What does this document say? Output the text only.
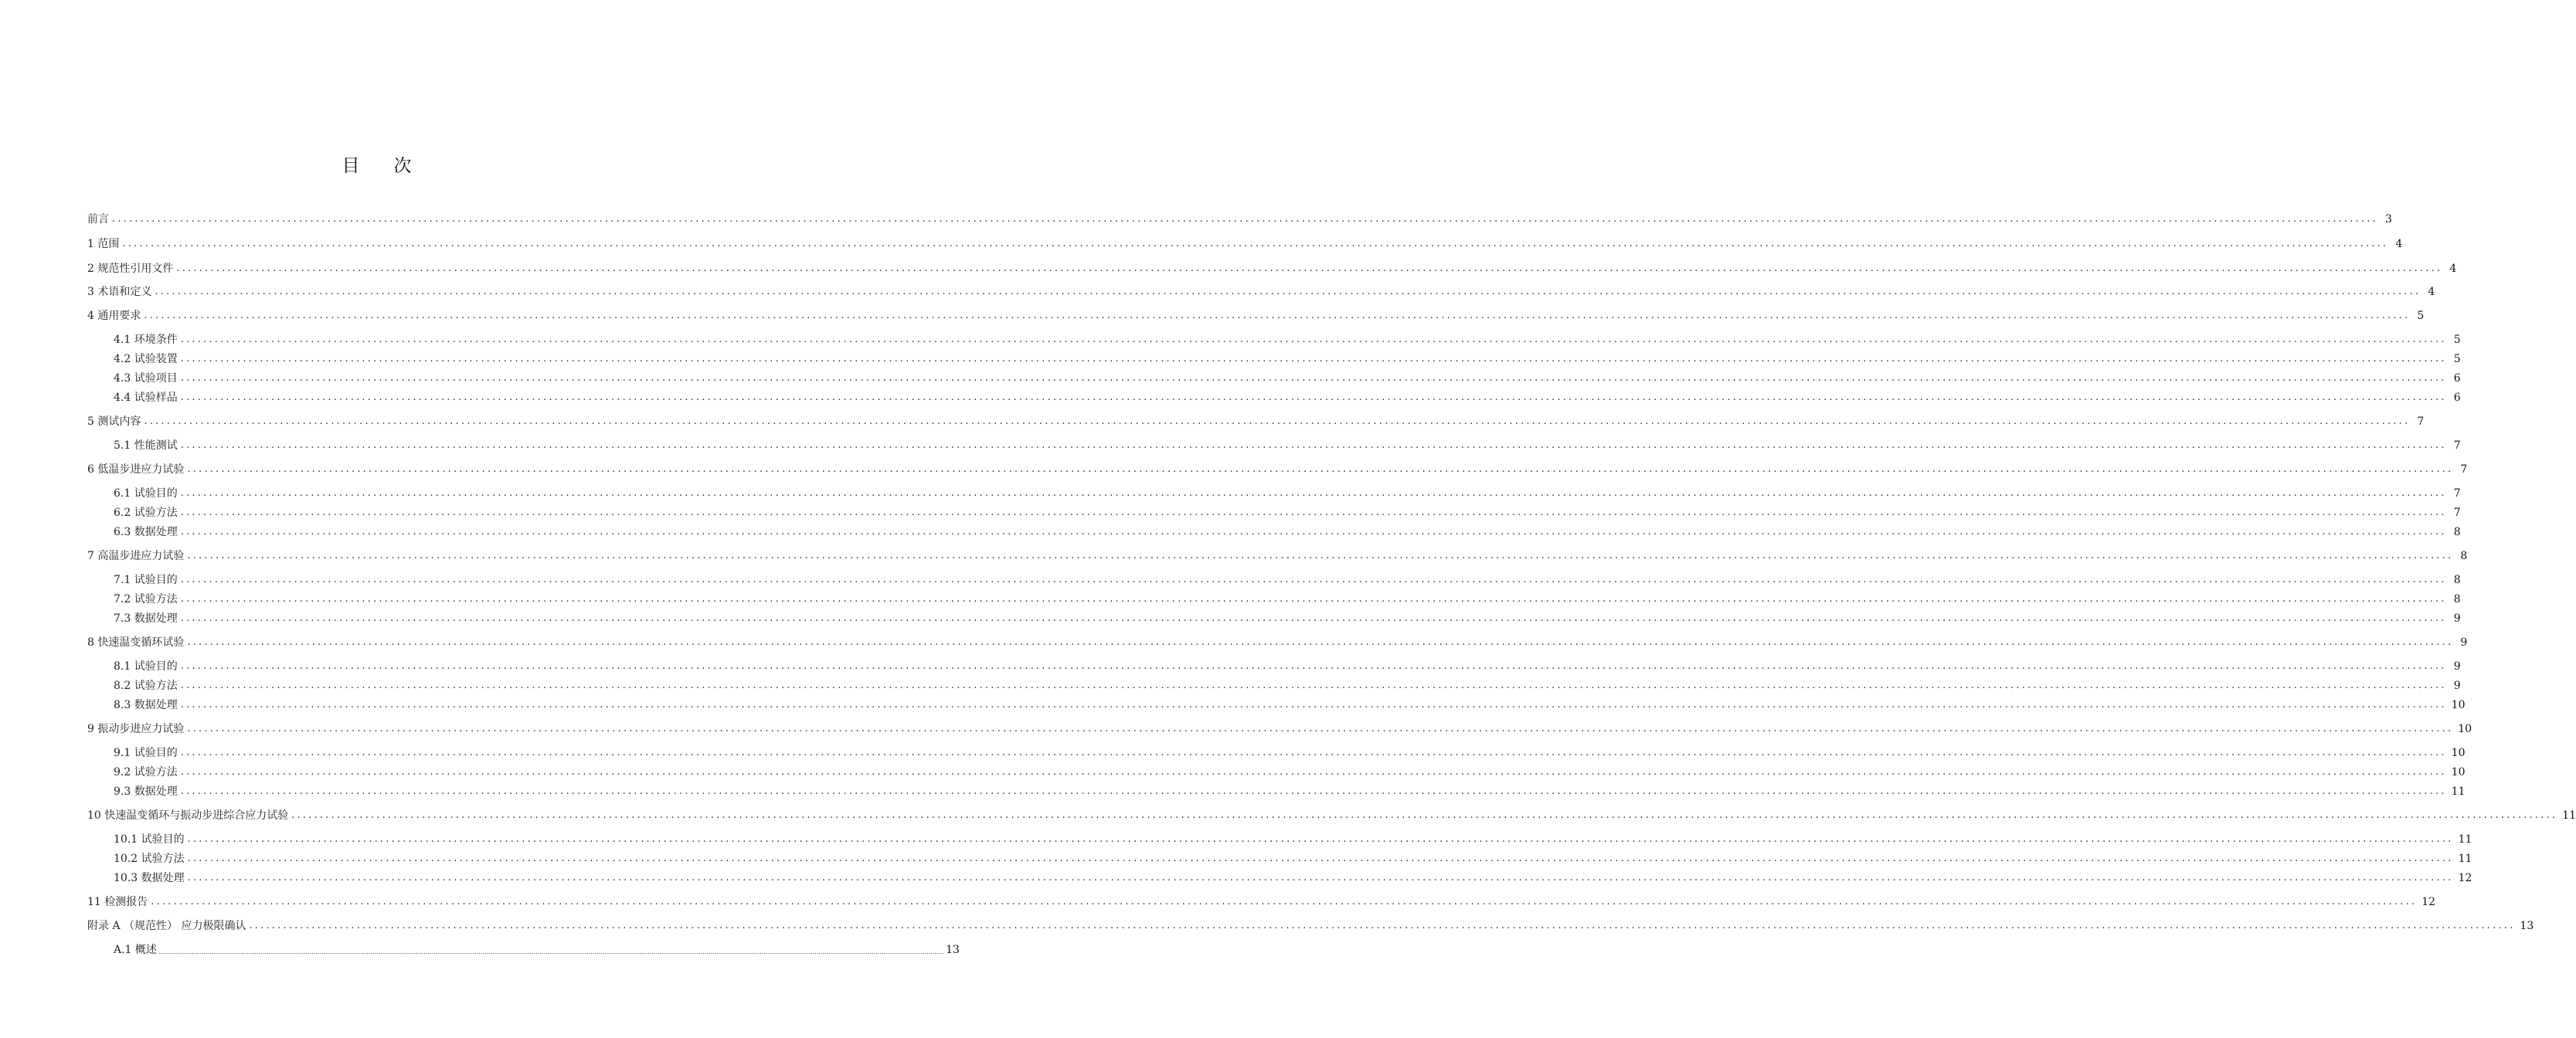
目 次
前言 ................................................................................................................................................................................................................................................................................................................................................................................................................ 3
1 范围 ................................................................................................................................................................................................................................................................................................................................................................................................................ 4
2 规范性引用文件 ................................................................................................................................................................................................................................................................................................................................................................................................................ 4
3 术语和定义 ................................................................................................................................................................................................................................................................................................................................................................................................................ 4
4 通用要求 ................................................................................................................................................................................................................................................................................................................................................................................................................ 5
4.1 环境条件 ................................................................................................................................................................................................................................................................................................................................................................................................................ 5
4.2 试验装置 ................................................................................................................................................................................................................................................................................................................................................................................................................ 5
4.3 试验项目 ................................................................................................................................................................................................................................................................................................................................................................................................................ 6
4.4 试验样品 ................................................................................................................................................................................................................................................................................................................................................................................................................ 6
5 测试内容 ................................................................................................................................................................................................................................................................................................................................................................................................................ 7
5.1 性能测试 ................................................................................................................................................................................................................................................................................................................................................................................................................ 7
6 低温步进应力试验 ................................................................................................................................................................................................................................................................................................................................................................................................................ 7
6.1 试验目的 ................................................................................................................................................................................................................................................................................................................................................................................................................ 7
6.2 试验方法 ................................................................................................................................................................................................................................................................................................................................................................................................................ 7
6.3 数据处理 ................................................................................................................................................................................................................................................................................................................................................................................................................ 8
7 高温步进应力试验 ................................................................................................................................................................................................................................................................................................................................................................................................................ 8
7.1 试验目的 ................................................................................................................................................................................................................................................................................................................................................................................................................ 8
7.2 试验方法 ................................................................................................................................................................................................................................................................................................................................................................................................................ 8
7.3 数据处理 ................................................................................................................................................................................................................................................................................................................................................................................................................ 9
8 快速温变循环试验 ................................................................................................................................................................................................................................................................................................................................................................................................................ 9
8.1 试验目的 ................................................................................................................................................................................................................................................................................................................................................................................................................ 9
8.2 试验方法 ................................................................................................................................................................................................................................................................................................................................................................................................................ 9
8.3 数据处理 ................................................................................................................................................................................................................................................................................................................................................................................................................ 10
9 振动步进应力试验 ................................................................................................................................................................................................................................................................................................................................................................................................................ 10
9.1 试验目的 ................................................................................................................................................................................................................................................................................................................................................................................................................ 10
9.2 试验方法 ................................................................................................................................................................................................................................................................................................................................................................................................................ 10
9.3 数据处理 ................................................................................................................................................................................................................................................................................................................................................................................................................ 11
10 快速温变循环与振动步进综合应力试验 ................................................................................................................................................................................................................................................................................................................................................................................................................ 11
10.1 试验目的 ................................................................................................................................................................................................................................................................................................................................................................................................................ 11
10.2 试验方法 ................................................................................................................................................................................................................................................................................................................................................................................................................ 11
10.3 数据处理 ................................................................................................................................................................................................................................................................................................................................................................................................................ 12
11 检测报告 ................................................................................................................................................................................................................................................................................................................................................................................................................ 12
附录 A （规范性） 应力极限确认 ................................................................................................................................................................................................................................................................................................................................................................................................................ 13
A.1 概述 ................................................................................................................................................................................................................................................................................................................................................................................................................ 13
